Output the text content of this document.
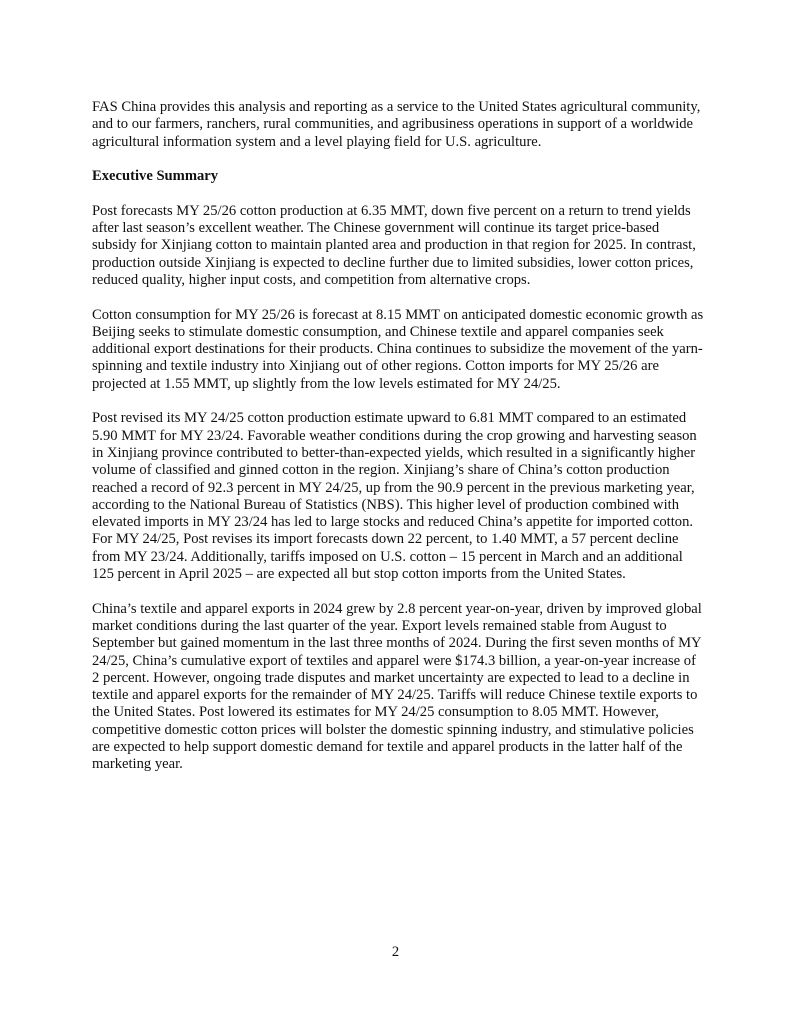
FAS China provides this analysis and reporting as a service to the United States agricultural community, and to our farmers, ranchers, rural communities, and agribusiness operations in support of a worldwide agricultural information system and a level playing field for U.S. agriculture.

Executive Summary

Post forecasts MY 25/26 cotton production at 6.35 MMT, down five percent on a return to trend yields after last season’s excellent weather. The Chinese government will continue its target price-based subsidy for Xinjiang cotton to maintain planted area and production in that region for 2025. In contrast, production outside Xinjiang is expected to decline further due to limited subsidies, lower cotton prices, reduced quality, higher input costs, and competition from alternative crops.

Cotton consumption for MY 25/26 is forecast at 8.15 MMT on anticipated domestic economic growth as Beijing seeks to stimulate domestic consumption, and Chinese textile and apparel companies seek additional export destinations for their products. China continues to subsidize the movement of the yarn-spinning and textile industry into Xinjiang out of other regions. Cotton imports for MY 25/26 are projected at 1.55 MMT, up slightly from the low levels estimated for MY 24/25.

Post revised its MY 24/25 cotton production estimate upward to 6.81 MMT compared to an estimated 5.90 MMT for MY 23/24. Favorable weather conditions during the crop growing and harvesting season in Xinjiang province contributed to better-than-expected yields, which resulted in a significantly higher volume of classified and ginned cotton in the region. Xinjiang’s share of China’s cotton production reached a record of 92.3 percent in MY 24/25, up from the 90.9 percent in the previous marketing year, according to the National Bureau of Statistics (NBS). This higher level of production combined with elevated imports in MY 23/24 has led to large stocks and reduced China’s appetite for imported cotton. For MY 24/25, Post revises its import forecasts down 22 percent, to 1.40 MMT, a 57 percent decline from MY 23/24. Additionally, tariffs imposed on U.S. cotton – 15 percent in March and an additional 125 percent in April 2025 – are expected all but stop cotton imports from the United States.

China’s textile and apparel exports in 2024 grew by 2.8 percent year-on-year, driven by improved global market conditions during the last quarter of the year. Export levels remained stable from August to September but gained momentum in the last three months of 2024. During the first seven months of MY 24/25, China’s cumulative export of textiles and apparel were $174.3 billion, a year-on-year increase of 2 percent. However, ongoing trade disputes and market uncertainty are expected to lead to a decline in textile and apparel exports for the remainder of MY 24/25. Tariffs will reduce Chinese textile exports to the United States. Post lowered its estimates for MY 24/25 consumption to 8.05 MMT. However, competitive domestic cotton prices will bolster the domestic spinning industry, and stimulative policies are expected to help support domestic demand for textile and apparel products in the latter half of the marketing year.

2
